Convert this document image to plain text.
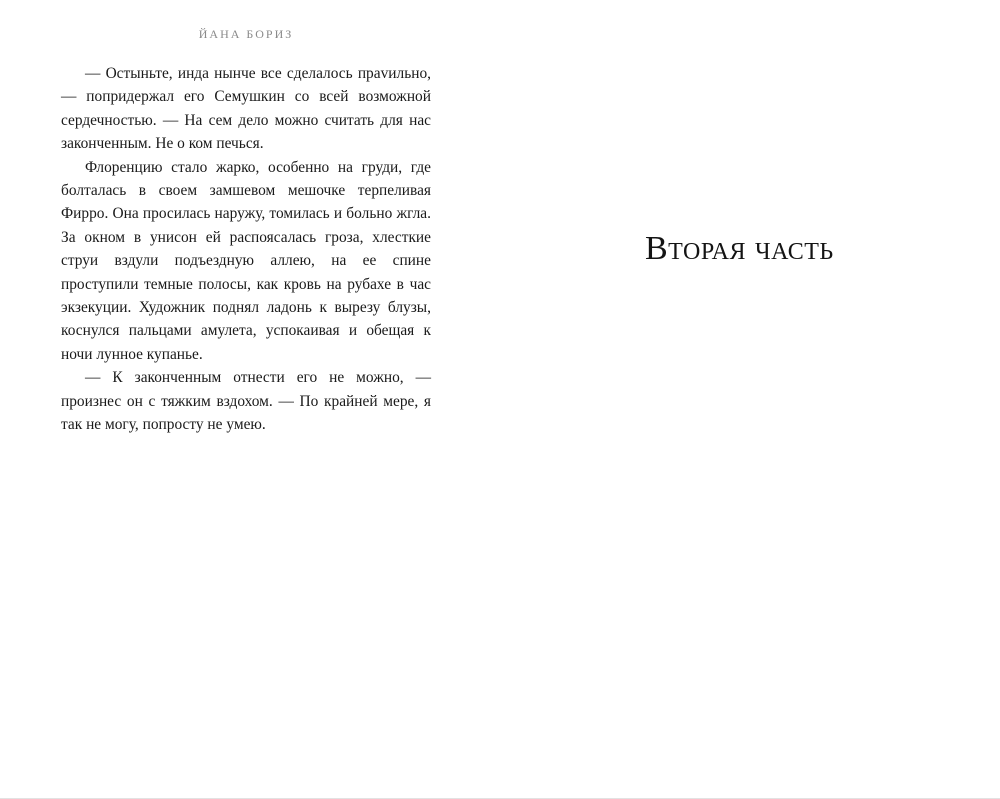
ЙАНА БОРИЗ

— Остыньте, инда нынче все сделалось праvильно, — попридержал его Семушкин со всей возможной сердечностью. — На сем дело можно считать для нас законченным. Не о ком печься.

Флоренцию стало жарко, особенно на груди, где болталась в своем замшевом мешочке терпеливая Фирро. Она просилась наружу, томилась и больно жгла. За окном в унисон ей распоясалась гроза, хлесткие струи вздули подъездную аллею, на ее спине проступили темные полосы, как кровь на рубахе в час экзекуции. Художник поднял ладонь к вырезу блузы, коснулся пальцами амулета, успокаивая и обещая к ночи лунное купанье.

— К законченным отнести его не можно, — произнес он с тяжким вздохом. — По крайней мере, я так не могу, попросту не умею.

Вторая часть
